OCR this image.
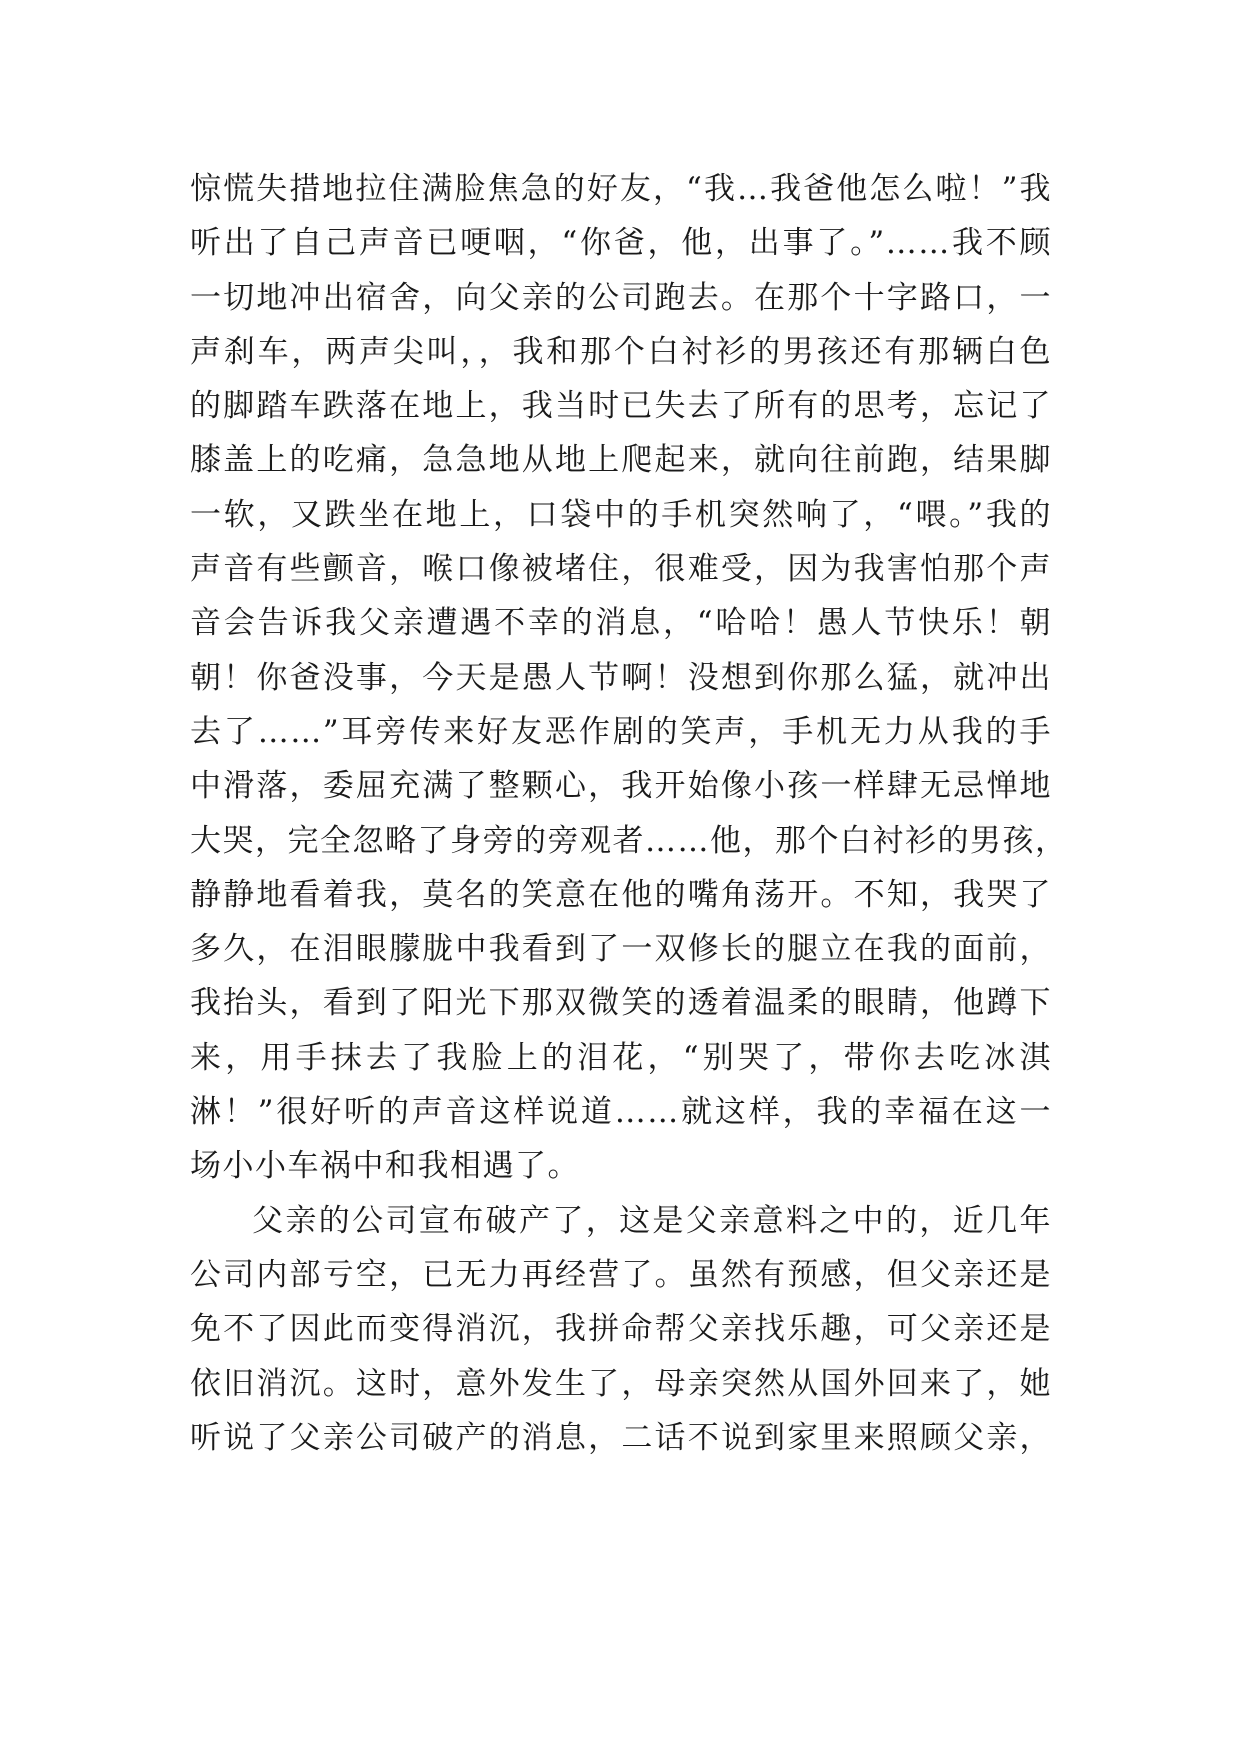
惊慌失措地拉住满脸焦急的好友，“我…我爸他怎么啦！”我
听出了自己声音已哽咽，“你爸，他，出事了。”……我不顾
一切地冲出宿舍，向父亲的公司跑去。在那个十字路口，一
声刹车，两声尖叫，，我和那个白衬衫的男孩还有那辆白色
的脚踏车跌落在地上，我当时已失去了所有的思考，忘记了
膝盖上的吃痛，急急地从地上爬起来，就向往前跑，结果脚
一软，又跌坐在地上，口袋中的手机突然响了，“喂。”我的
声音有些颤音，喉口像被堵住，很难受，因为我害怕那个声
音会告诉我父亲遭遇不幸的消息，“哈哈！愚人节快乐！朝
朝！你爸没事，今天是愚人节啊！没想到你那么猛，就冲出
去了……”耳旁传来好友恶作剧的笑声，手机无力从我的手
中滑落，委屈充满了整颗心，我开始像小孩一样肆无忌惮地
大哭，完全忽略了身旁的旁观者……他，那个白衬衫的男孩，
静静地看着我，莫名的笑意在他的嘴角荡开。不知，我哭了
多久，在泪眼朦胧中我看到了一双修长的腿立在我的面前，
我抬头，看到了阳光下那双微笑的透着温柔的眼睛，他蹲下
来，用手抹去了我脸上的泪花，“别哭了，带你去吃冰淇
淋！”很好听的声音这样说道……就这样，我的幸福在这一
场小小车祸中和我相遇了。

父亲的公司宣布破产了，这是父亲意料之中的，近几年
公司内部亏空，已无力再经营了。虽然有预感，但父亲还是
免不了因此而变得消沉，我拼命帮父亲找乐趣，可父亲还是
依旧消沉。这时，意外发生了，母亲突然从国外回来了，她
听说了父亲公司破产的消息，二话不说到家里来照顾父亲，
